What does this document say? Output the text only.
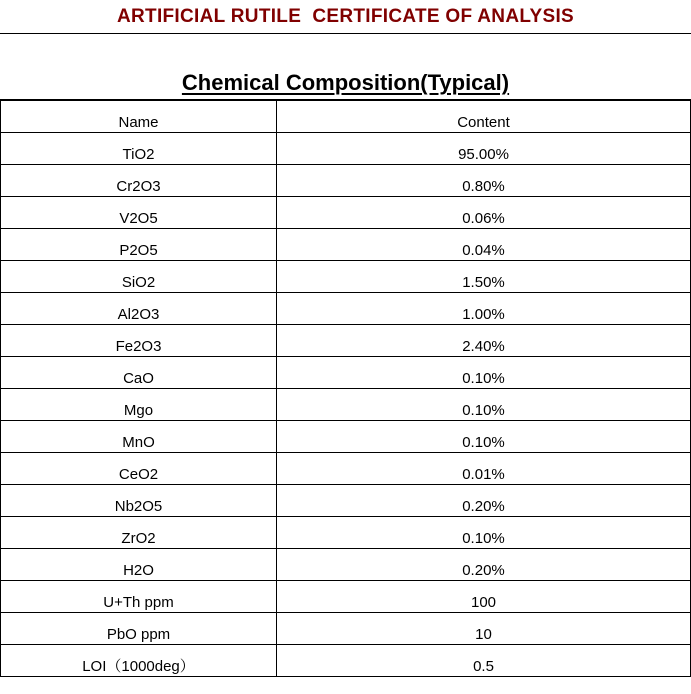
ARTIFICIAL RUTILE  CERTIFICATE OF ANALYSIS
Chemical Composition(Typical)
Name	Content
TiO2	95.00%
Cr2O3	0.80%
V2O5	0.06%
P2O5	0.04%
SiO2	1.50%
Al2O3	1.00%
Fe2O3	2.40%
CaO	0.10%
Mgo	0.10%
MnO	0.10%
CeO2	0.01%
Nb2O5	0.20%
ZrO2	0.10%
H2O	0.20%
U+Th ppm	100
PbO ppm	10
LOI（1000deg）	0.5
